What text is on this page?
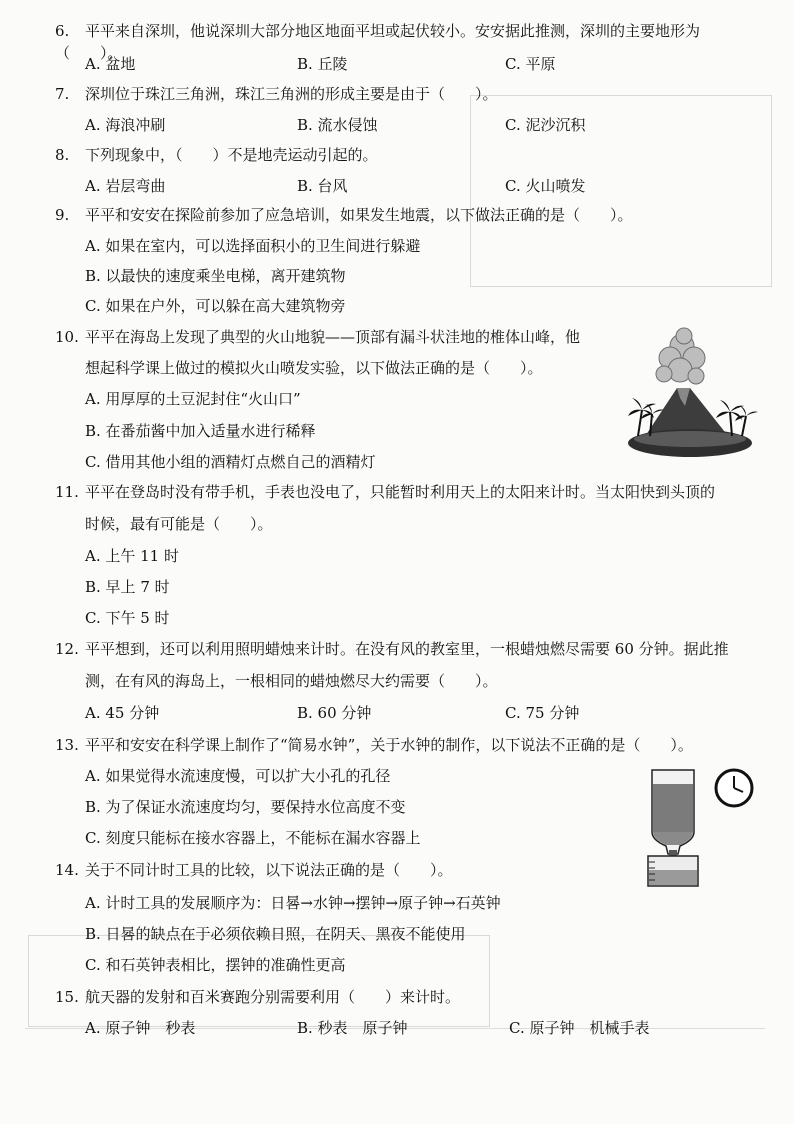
6. 平平来自深圳，他说深圳大部分地区地面平坦或起伏较小。安安据此推测，深圳的主要地形为（　　）。
A. 盆地	B. 丘陵	C. 平原
7. 深圳位于珠江三角洲，珠江三角洲的形成主要是由于（　　）。
A. 海浪冲刷	B. 流水侵蚀	C. 泥沙沉积
8. 下列现象中，（　　）不是地壳运动引起的。
A. 岩层弯曲	B. 台风	C. 火山喷发
9. 平平和安安在探险前参加了应急培训，如果发生地震，以下做法正确的是（　　）。
A. 如果在室内，可以选择面积小的卫生间进行躲避
B. 以最快的速度乘坐电梯，离开建筑物
C. 如果在户外，可以躲在高大建筑物旁
10. 平平在海岛上发现了典型的火山地貌——顶部有漏斗状洼地的椎体山峰，他
想起科学课上做过的模拟火山喷发实验，以下做法正确的是（　　）。
A. 用厚厚的土豆泥封住“火山口”
B. 在番茄酱中加入适量水进行稀释
C. 借用其他小组的酒精灯点燃自己的酒精灯
11. 平平在登岛时没有带手机，手表也没电了，只能暂时利用天上的太阳来计时。当太阳快到头顶的
时候，最有可能是（　　）。
A. 上午 11 时
B. 早上 7 时
C. 下午 5 时
12. 平平想到，还可以利用照明蜡烛来计时。在没有风的教室里，一根蜡烛燃尽需要 60 分钟。据此推
测，在有风的海岛上，一根相同的蜡烛燃尽大约需要（　　）。
A. 45 分钟	B. 60 分钟	C. 75 分钟
13. 平平和安安在科学课上制作了“简易水钟”，关于水钟的制作，以下说法不正确的是（　　）。
A. 如果觉得水流速度慢，可以扩大小孔的孔径
B. 为了保证水流速度均匀，要保持水位高度不变
C. 刻度只能标在接水容器上，不能标在漏水容器上
14. 关于不同计时工具的比较，以下说法正确的是（　　）。
A. 计时工具的发展顺序为：日晷→水钟→摆钟→原子钟→石英钟
B. 日晷的缺点在于必须依赖日照，在阴天、黑夜不能使用
C. 和石英钟表相比，摆钟的准确性更高
15. 航天器的发射和百米赛跑分别需要利用（　　）来计时。
A. 原子钟　秒表	B. 秒表　原子钟	C. 原子钟　机械手表
